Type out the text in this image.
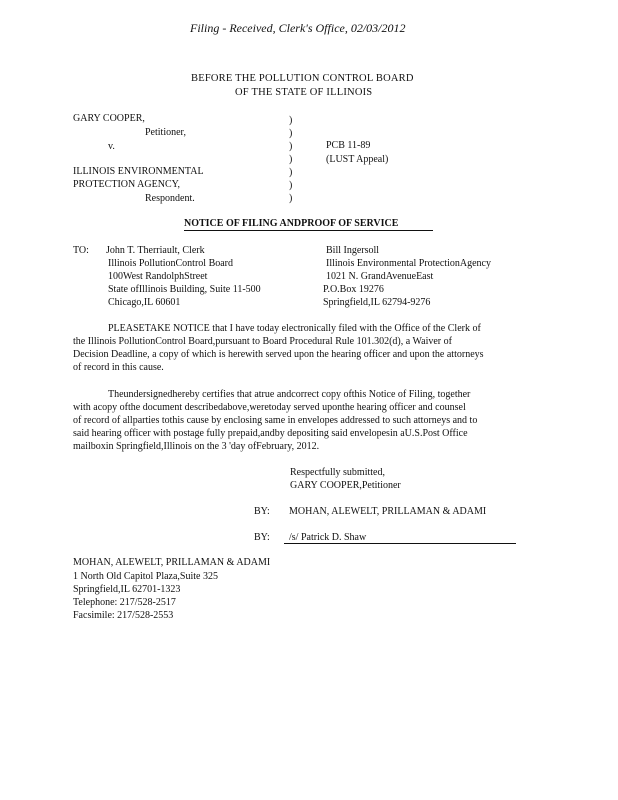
Filing - Received, Clerk's Office, 02/03/2012
BEFORE THE POLLUTION CONTROL BOARD
OF THE STATE OF ILLINOIS
GARY COOPER,
Petitioner,
v.
ILLINOIS ENVIRONMENTAL
PROTECTION AGENCY,
Respondent.
)
)
)
)
)
)
)
PCB 11-89
(LUST Appeal)
NOTICE OF FILING ANDPROOF OF SERVICE
TO: John T. Therriault, Clerk
Illinois PollutionControl Board
100West RandolphStreet
State ofIllinois Building, Suite 11-500
Chicago,IL 60601
Bill Ingersoll
Illinois Environmental ProtectionAgency
1021 N. GrandAvenueEast
P.O.Box 19276
Springfield,IL 62794-9276
PLEASETAKE NOTICE that I have today electronically filed with the Office of the Clerk of
the Illinois PollutionControl Board,pursuant to Board Procedural Rule 101.302(d), a Waiver of
Decision Deadline, a copy of which is herewith served upon the hearing officer and upon the attorneys
of record in this cause.
Theundersignedhereby certifies that atrue andcorrect copy ofthis Notice of Filing, together
with acopy ofthe document describedabove,weretoday served uponthe hearing officer and counsel
of record of allparties tothis cause by enclosing same in envelopes addressed to such attorneys and to
said hearing officer with postage fully prepaid,andby depositing said envelopesin aU.S.Post Office
mailboxin Springfield,Illinois on the 3 'day ofFebruary, 2012.
Respectfully submitted,
GARY COOPER,Petitioner
BY: MOHAN, ALEWELT, PRILLAMAN & ADAMI
BY: /s/ Patrick D. Shaw
MOHAN, ALEWELT, PRILLAMAN & ADAMI
1 North Old Capitol Plaza,Suite 325
Springfield,IL 62701-1323
Telephone: 217/528-2517
Facsimile: 217/528-2553
